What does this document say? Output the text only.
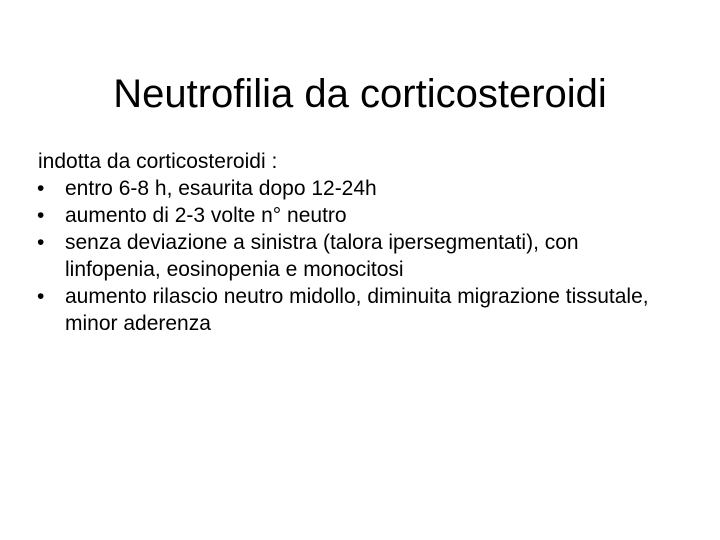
Neutrofilia da corticosteroidi

indotta da corticosteroidi :

• entro 6-8 h, esaurita dopo 12-24h
• aumento di 2-3 volte n° neutro
• senza deviazione a sinistra (talora ipersegmentati), con linfopenia, eosinopenia e monocitosi
• aumento rilascio neutro midollo, diminuita migrazione tissutale, minor aderenza
